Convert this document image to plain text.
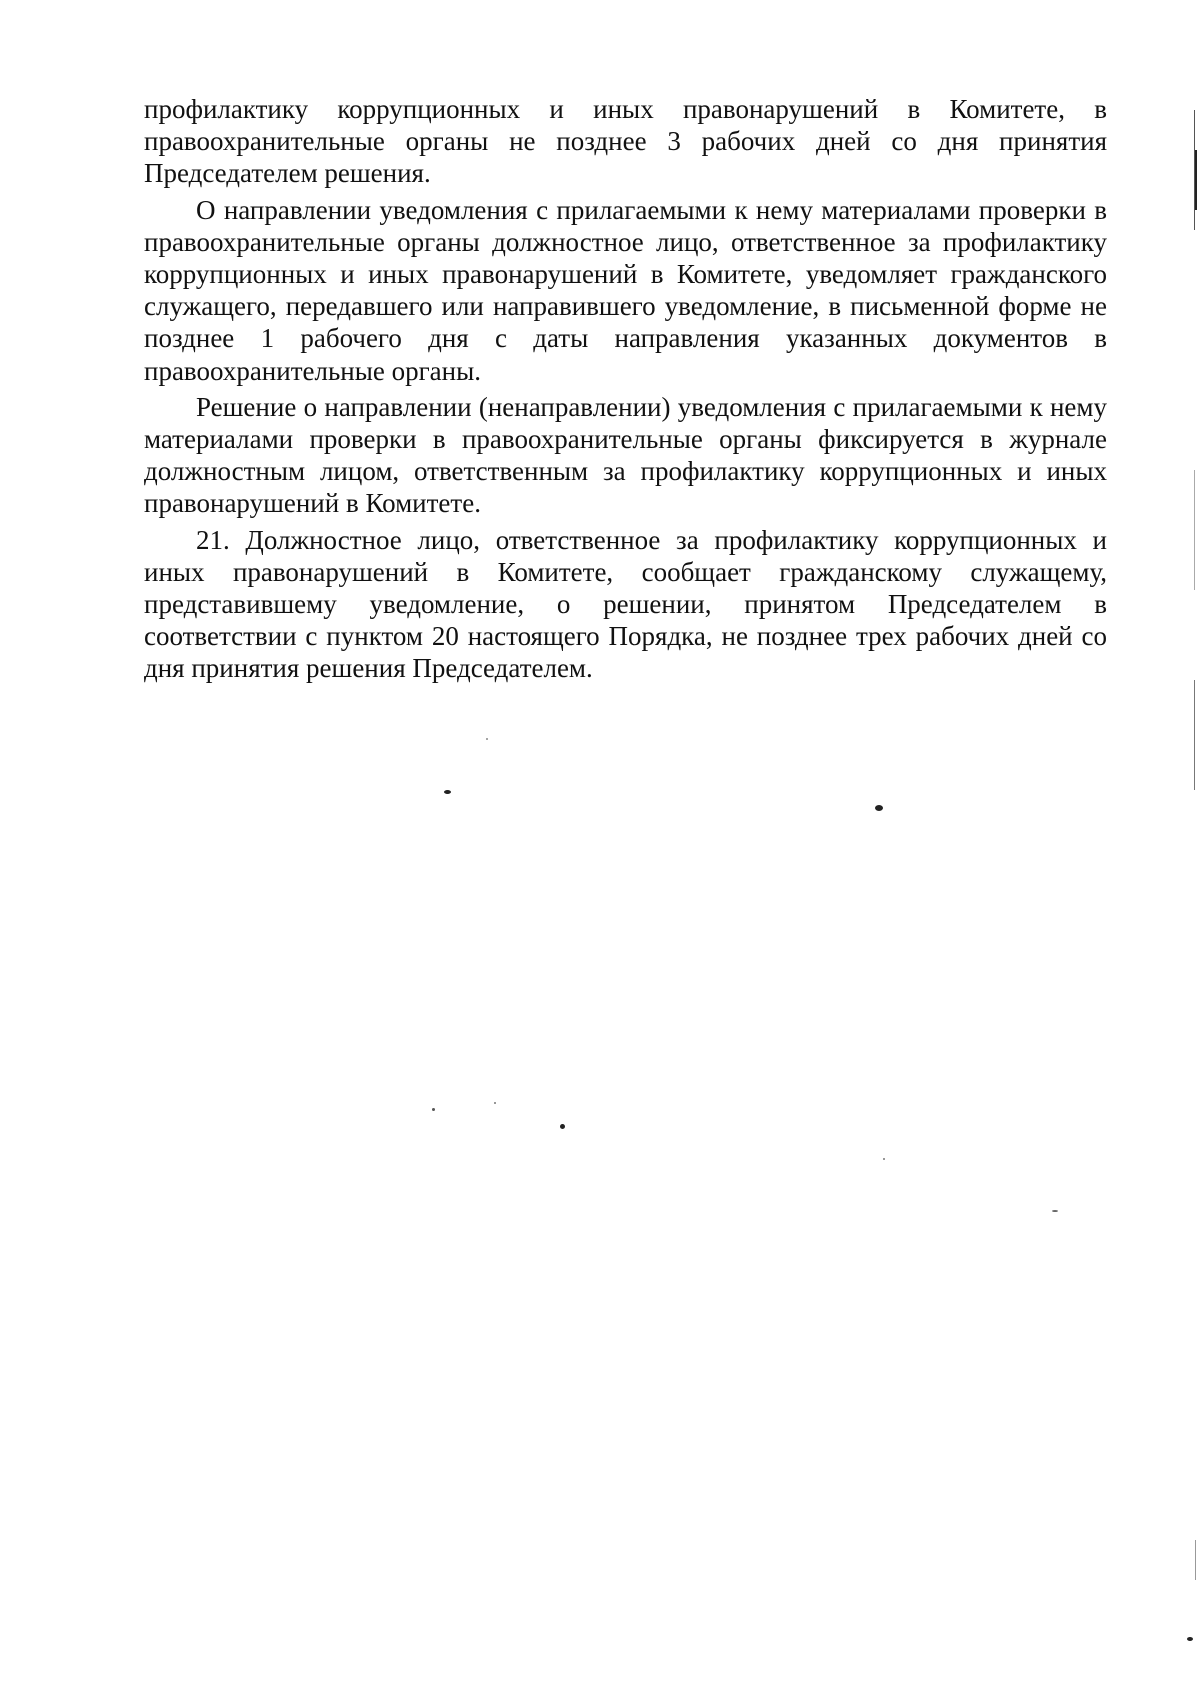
профилактику коррупционных и иных правонарушений в Комитете, в правоохранительные органы не позднее 3 рабочих дней со дня принятия Председателем решения.

О направлении уведомления с прилагаемыми к нему материалами проверки в правоохранительные органы должностное лицо, ответственное за профилактику коррупционных и иных правонарушений в Комитете, уведомляет гражданского служащего, передавшего или направившего уведомление, в письменной форме не позднее 1 рабочего дня с даты направления указанных документов в правоохранительные органы.

Решение о направлении (ненаправлении) уведомления с прилагаемыми к нему материалами проверки в правоохранительные органы фиксируется в журнале должностным лицом, ответственным за профилактику коррупционных и иных правонарушений в Комитете.

21. Должностное лицо, ответственное за профилактику коррупционных и иных правонарушений в Комитете, сообщает гражданскому служащему, представившему уведомление, о решении, принятом Председателем в соответствии с пунктом 20 настоящего Порядка, не позднее трех рабочих дней со дня принятия решения Председателем.
